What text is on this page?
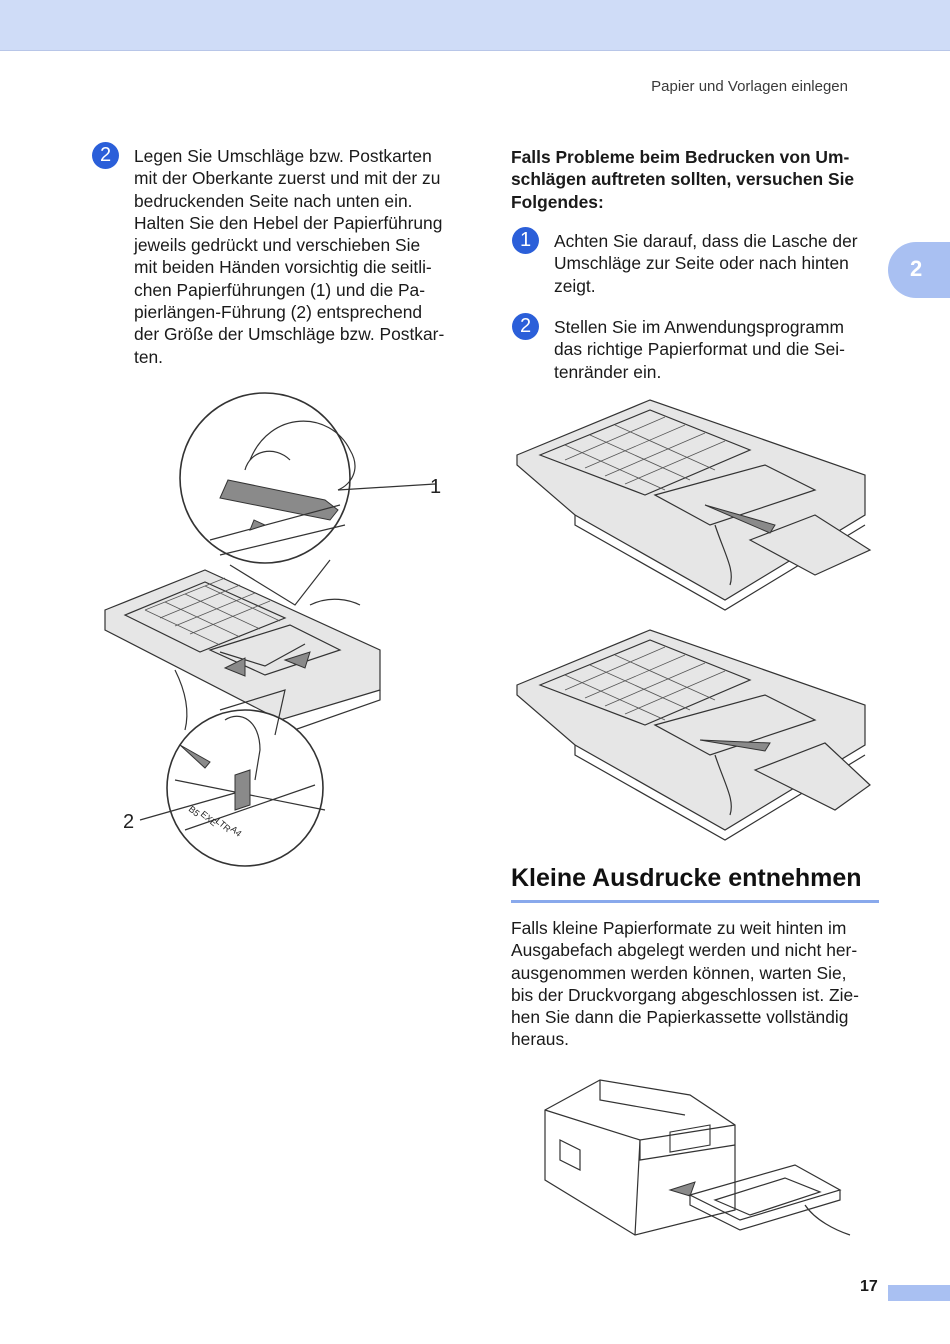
Papier und Vorlagen einlegen
2
2	Legen Sie Umschläge bzw. Postkarten
mit der Oberkante zuerst und mit der zu
bedruckenden Seite nach unten ein.
Halten Sie den Hebel der Papierführung
jeweils gedrückt und verschieben Sie
mit beiden Händen vorsichtig die seitli-
chen Papierführungen (1) und die Pa-
pierlängen-Führung (2) entsprechend
der Größe der Umschläge bzw. Postkar-
ten.
1
B5
EXE
LTR
A4
2
Falls Probleme beim Bedrucken von Um-
schlägen auftreten sollten, versuchen Sie
Folgendes:
1	Achten Sie darauf, dass die Lasche der
Umschläge zur Seite oder nach hinten
zeigt.
2	Stellen Sie im Anwendungsprogramm
das richtige Papierformat und die Sei-
tenränder ein.
Kleine Ausdrucke entnehmen
Falls kleine Papierformate zu weit hinten im
Ausgabefach abgelegt werden und nicht her-
ausgenommen werden können, warten Sie,
bis der Druckvorgang abgeschlossen ist. Zie-
hen Sie dann die Papierkassette vollständig
heraus.
17
